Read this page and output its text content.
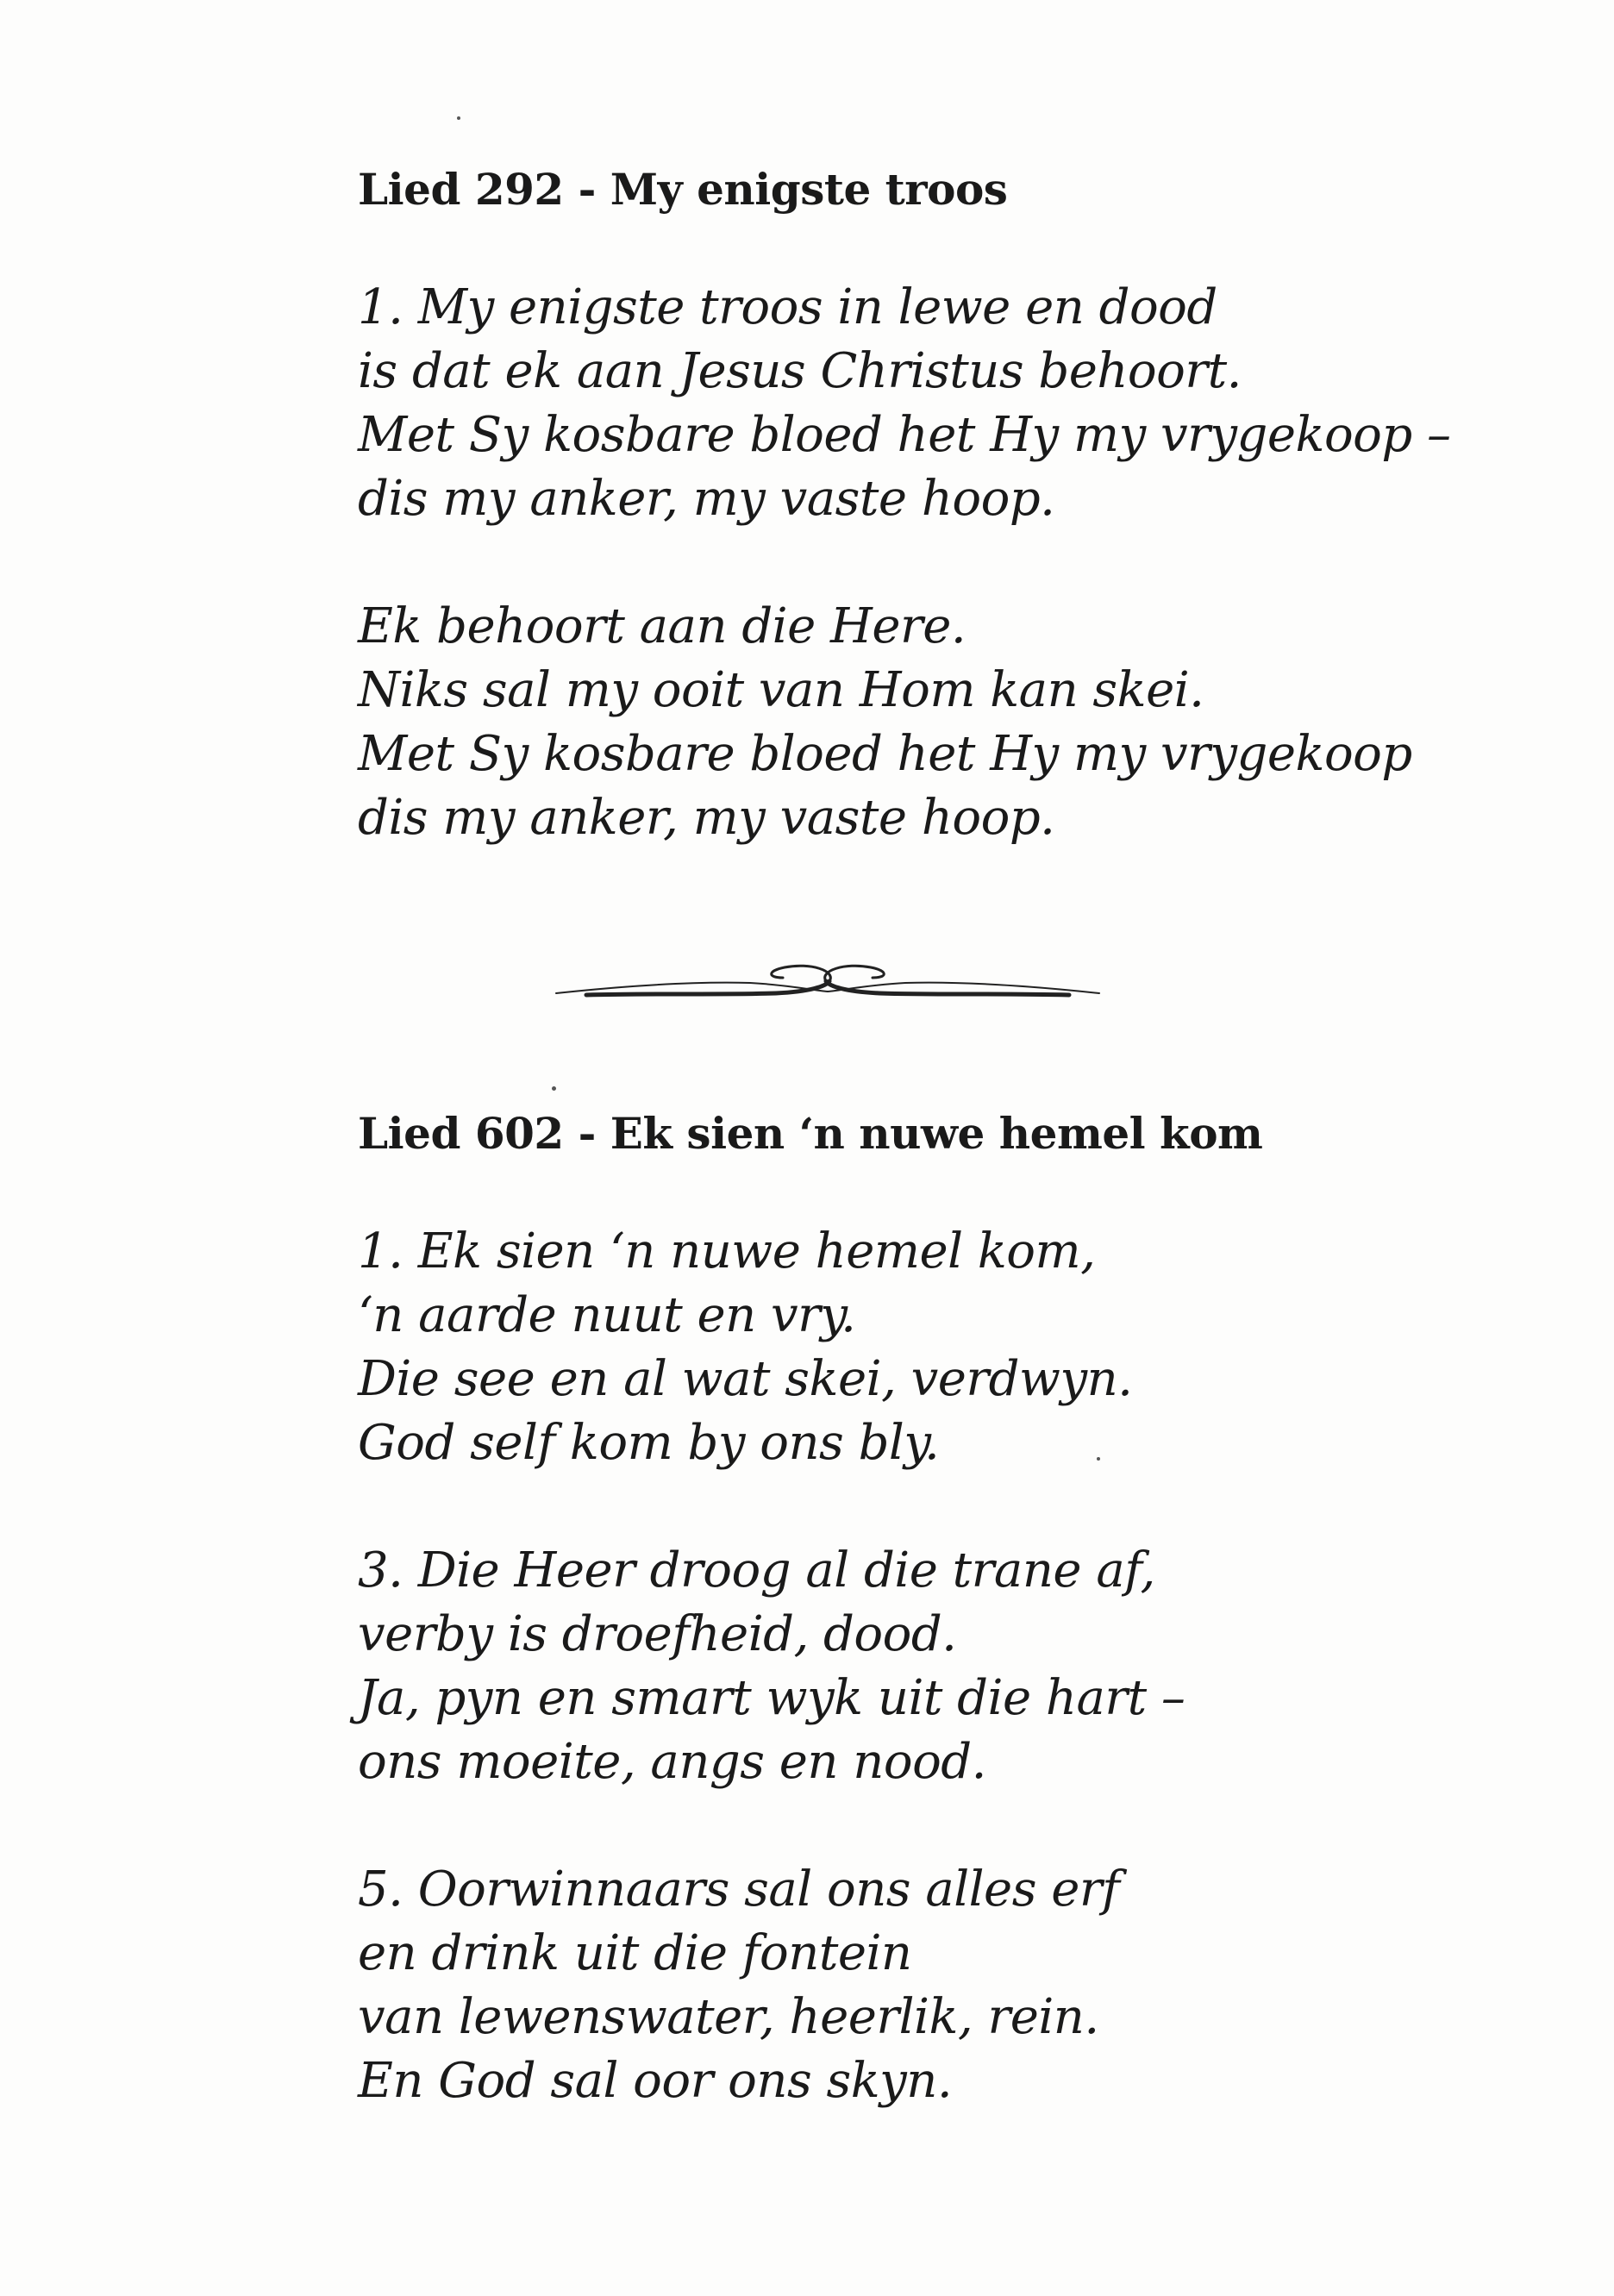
Lied 292 - My enigste troos
1. My enigste troos in lewe en dood
is dat ek aan Jesus Christus behoort.
Met Sy kosbare bloed het Hy my vrygekoop –
dis my anker, my vaste hoop.
Ek behoort aan die Here.
Niks sal my ooit van Hom kan skei.
Met Sy kosbare bloed het Hy my vrygekoop
dis my anker, my vaste hoop.
Lied 602 - Ek sien ‘n nuwe hemel kom
1. Ek sien ‘n nuwe hemel kom,
‘n aarde nuut en vry.
Die see en al wat skei, verdwyn.
God self kom by ons bly.
3. Die Heer droog al die trane af,
verby is droefheid, dood.
Ja, pyn en smart wyk uit die hart –
ons moeite, angs en nood.
5. Oorwinnaars sal ons alles erf
en drink uit die fontein
van lewenswater, heerlik, rein.
En God sal oor ons skyn.
